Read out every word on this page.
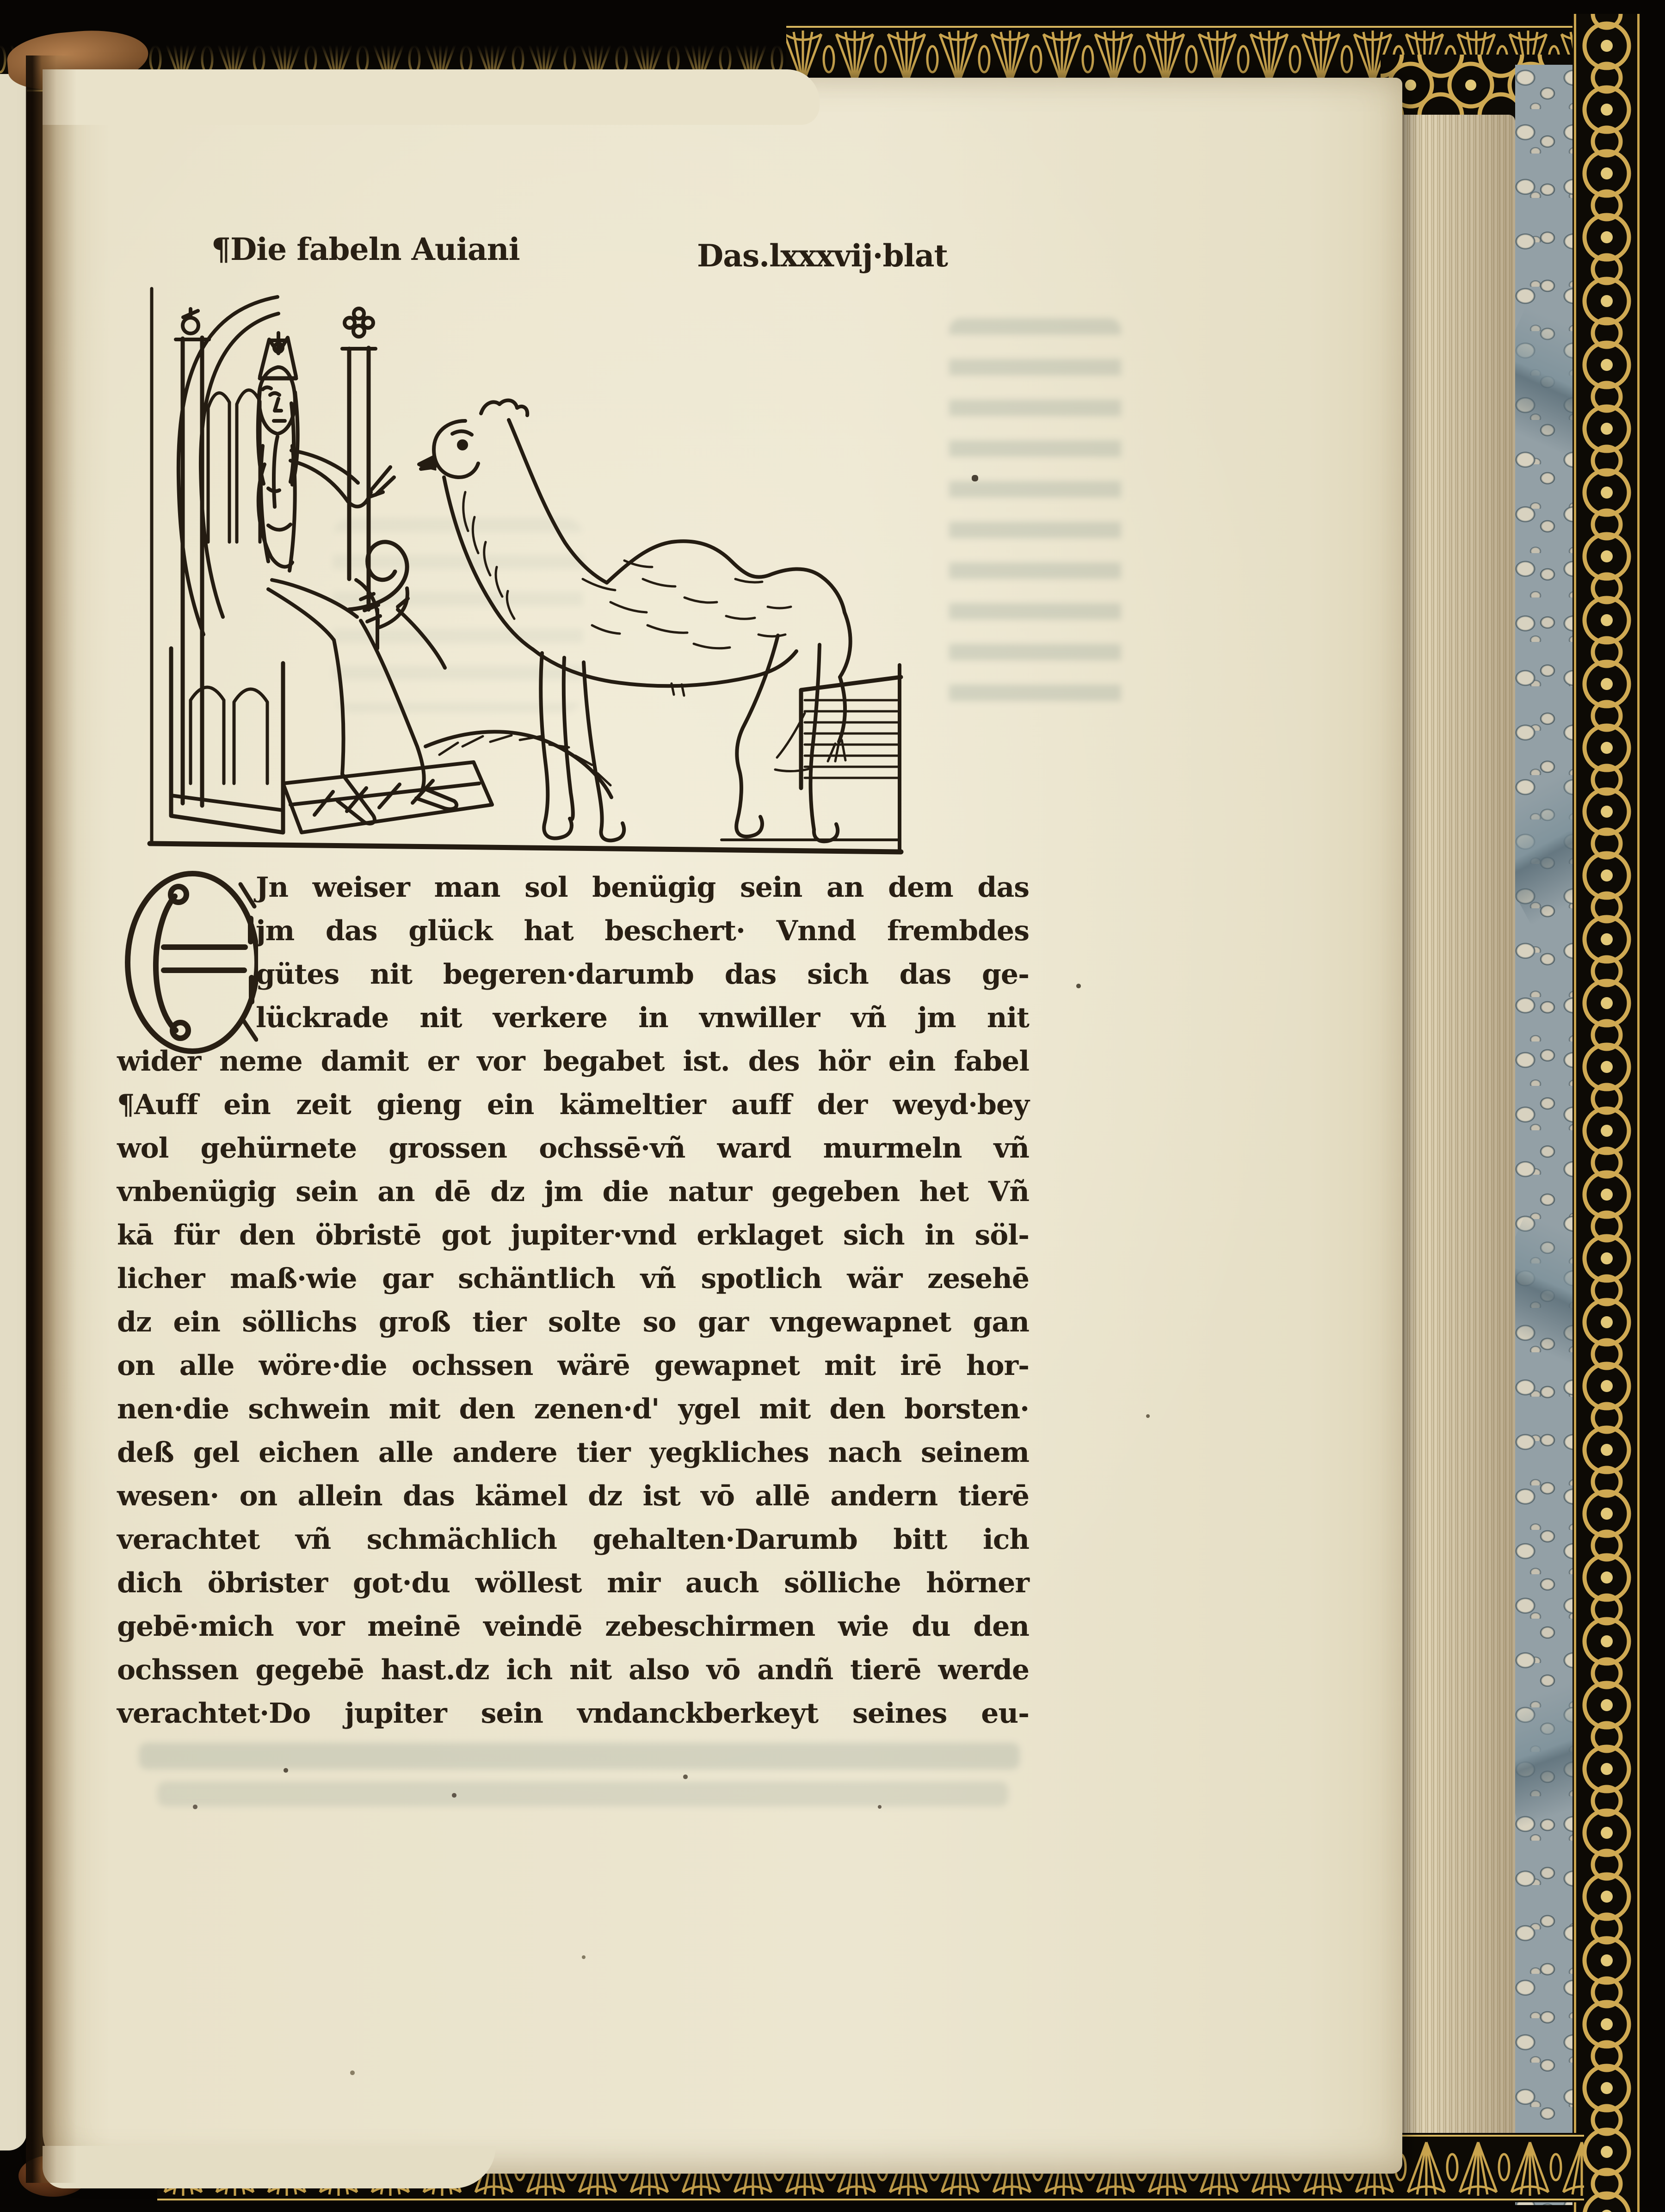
¶Die fabeln Auiani	Das.lxxxvij·blat
Jn weiser man sol benügig sein an dem das
jm das glück hat beschert· Vnnd frembdes
gütes nit begeren·darumb das sich das ge-
lückrade nit verkere in vnwiller vñ jm nit
wider neme damit er vor begabet ist. des hör ein fabel
¶Auff ein zeit gieng ein kämeltier auff der weyd·bey
wol gehürnete grossen ochssē·vñ ward murmeln vñ
vnbenügig sein an dē dz jm die natur gegeben het Vñ
kā für den öbristē got jupiter·vnd erklaget sich in söl-
licher maß·wie gar schäntlich vñ spotlich wär zesehē
dz ein söllichs groß tier solte so gar vngewapnet gan
on alle wöre·die ochssen wärē gewapnet mit irē hor-
nen·die schwein mit den zenen·d' ygel mit den borsten·
deß gel eichen alle andere tier yegkliches nach seinem
wesen· on allein das kämel dz ist vō allē andern tierē
verachtet vñ schmächlich gehalten·Darumb bitt ich
dich öbrister got·du wöllest mir auch sölliche hörner
gebē·mich vor meinē veindē zebeschirmen wie du den
ochssen gegebē hast.dz ich nit also vō andñ tierē werde
verachtet·Do jupiter sein vndanckberkeyt seines eu-
